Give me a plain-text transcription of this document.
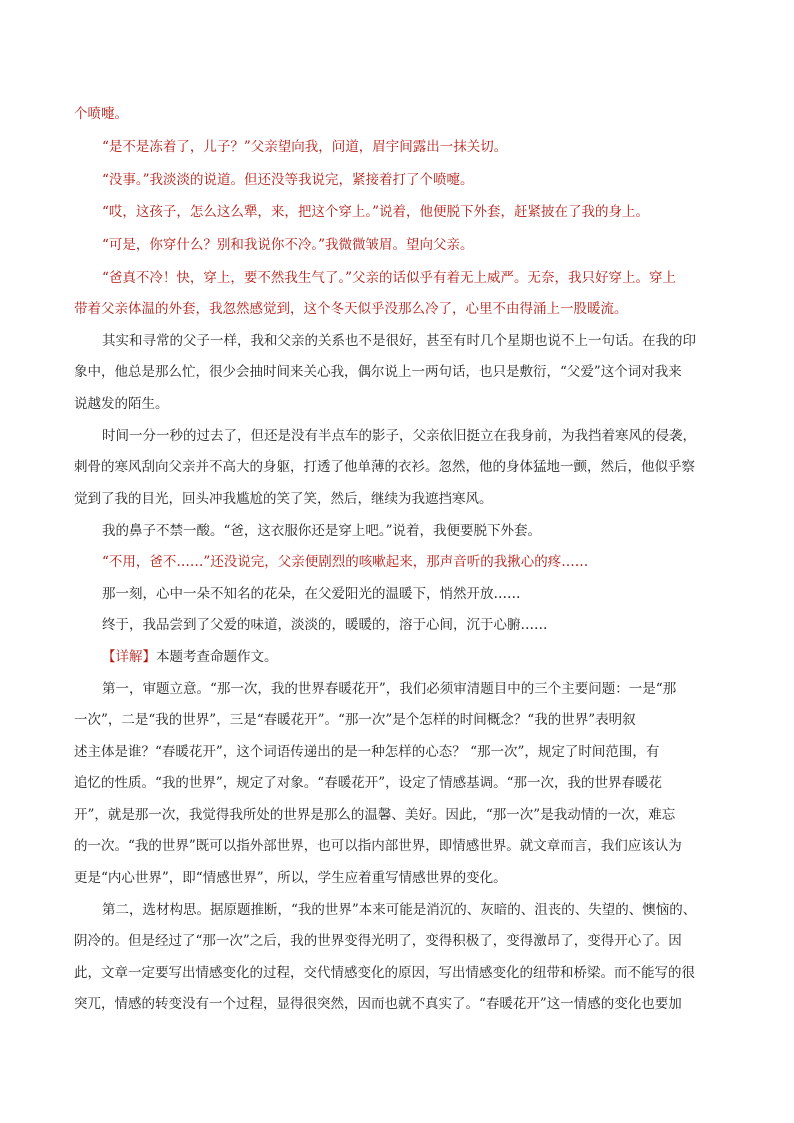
个喷嚏。
“是不是冻着了，儿子？”父亲望向我，问道，眉宇间露出一抹关切。
“没事。”我淡淡的说道。但还没等我说完，紧接着打了个喷嚏。
“哎，这孩子，怎么这么犟，来，把这个穿上。”说着，他便脱下外套，赶紧披在了我的身上。
“可是，你穿什么？别和我说你不冷。”我微微皱眉。望向父亲。
“爸真不冷！快，穿上，要不然我生气了。”父亲的话似乎有着无上威严。无奈，我只好穿上。穿上
带着父亲体温的外套，我忽然感觉到，这个冬天似乎没那么冷了，心里不由得涌上一股暖流。
其实和寻常的父子一样，我和父亲的关系也不是很好，甚至有时几个星期也说不上一句话。在我的印
象中，他总是那么忙，很少会抽时间来关心我，偶尔说上一两句话，也只是敷衍，“父爱”这个词对我来
说越发的陌生。
时间一分一秒的过去了，但还是没有半点车的影子，父亲依旧挺立在我身前，为我挡着寒风的侵袭，
刺骨的寒风刮向父亲并不高大的身躯，打透了他单薄的衣衫。忽然，他的身体猛地一颤，然后，他似乎察
觉到了我的目光，回头冲我尴尬的笑了笑，然后，继续为我遮挡寒风。
我的鼻子不禁一酸。“爸，这衣服你还是穿上吧。”说着，我便要脱下外套。
“不用，爸不……”还没说完，父亲便剧烈的咳嗽起来，那声音听的我揪心的疼……
那一刻，心中一朵不知名的花朵，在父爱阳光的温暖下，悄然开放……
终于，我品尝到了父爱的味道，淡淡的，暖暖的，溶于心间，沉于心腑……
【详解】本题考查命题作文。
第一，审题立意。“那一次，我的世界春暖花开”，我们必须审清题目中的三个主要问题：一是“那
一次”，二是“我的世界”，三是“春暖花开”。“那一次”是个怎样的时间概念？“我的世界”表明叙
述主体是谁？“春暖花开”，这个词语传递出的是一种怎样的心态？ “那一次”，规定了时间范围，有
追忆的性质。“我的世界”，规定了对象。“春暖花开”，设定了情感基调。“那一次，我的世界春暖花
开”，就是那一次，我觉得我所处的世界是那么的温馨、美好。因此，“那一次”是我动情的一次，难忘
的一次。“我的世界”既可以指外部世界，也可以指内部世界，即情感世界。就文章而言，我们应该认为
更是“内心世界”，即“情感世界”，所以，学生应着重写情感世界的变化。
第二，选材构思。据原题推断，“我的世界”本来可能是消沉的、灰暗的、沮丧的、失望的、懊恼的、
阴冷的。但是经过了“那一次”之后，我的世界变得光明了，变得积极了，变得激昂了，变得开心了。因
此，文章一定要写出情感变化的过程，交代情感变化的原因，写出情感变化的纽带和桥梁。而不能写的很
突兀，情感的转变没有一个过程，显得很突然，因而也就不真实了。“春暖花开”这一情感的变化也要加
